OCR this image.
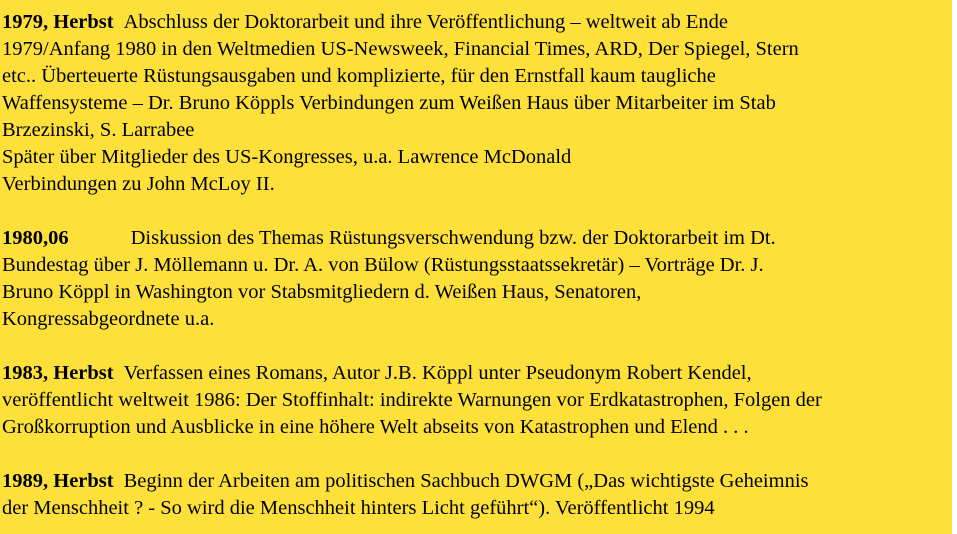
1979, Herbst Abschluss der Doktorarbeit und ihre Veröffentlichung – weltweit ab Ende
1979/Anfang 1980 in den Weltmedien US-Newsweek, Financial Times, ARD, Der Spiegel, Stern
etc.. Überteuerte Rüstungsausgaben und komplizierte, für den Ernstfall kaum taugliche
Waffensysteme – Dr. Bruno Köppls Verbindungen zum Weißen Haus über Mitarbeiter im Stab
Brzezinski, S. Larrabee
Später über Mitglieder des US-Kongresses, u.a. Lawrence McDonald
Verbindungen zu John McLoy II.
1980,06	Diskussion des Themas Rüstungsverschwendung bzw. der Doktorarbeit im Dt.
Bundestag über J. Möllemann u. Dr. A. von Bülow (Rüstungsstaatssekretär) – Vorträge Dr. J.
Bruno Köppl in Washington vor Stabsmitgliedern d. Weißen Haus, Senatoren,
Kongressabgeordnete u.a.
1983, Herbst Verfassen eines Romans, Autor J.B. Köppl unter Pseudonym Robert Kendel,
veröffentlicht weltweit 1986: Der Stoffinhalt: indirekte Warnungen vor Erdkatastrophen, Folgen der
Großkorruption und Ausblicke in eine höhere Welt abseits von Katastrophen und Elend . . .
1989, Herbst Beginn der Arbeiten am politischen Sachbuch DWGM („Das wichtigste Geheimnis
der Menschheit ? - So wird die Menschheit hinters Licht geführt“). Veröffentlicht 1994
